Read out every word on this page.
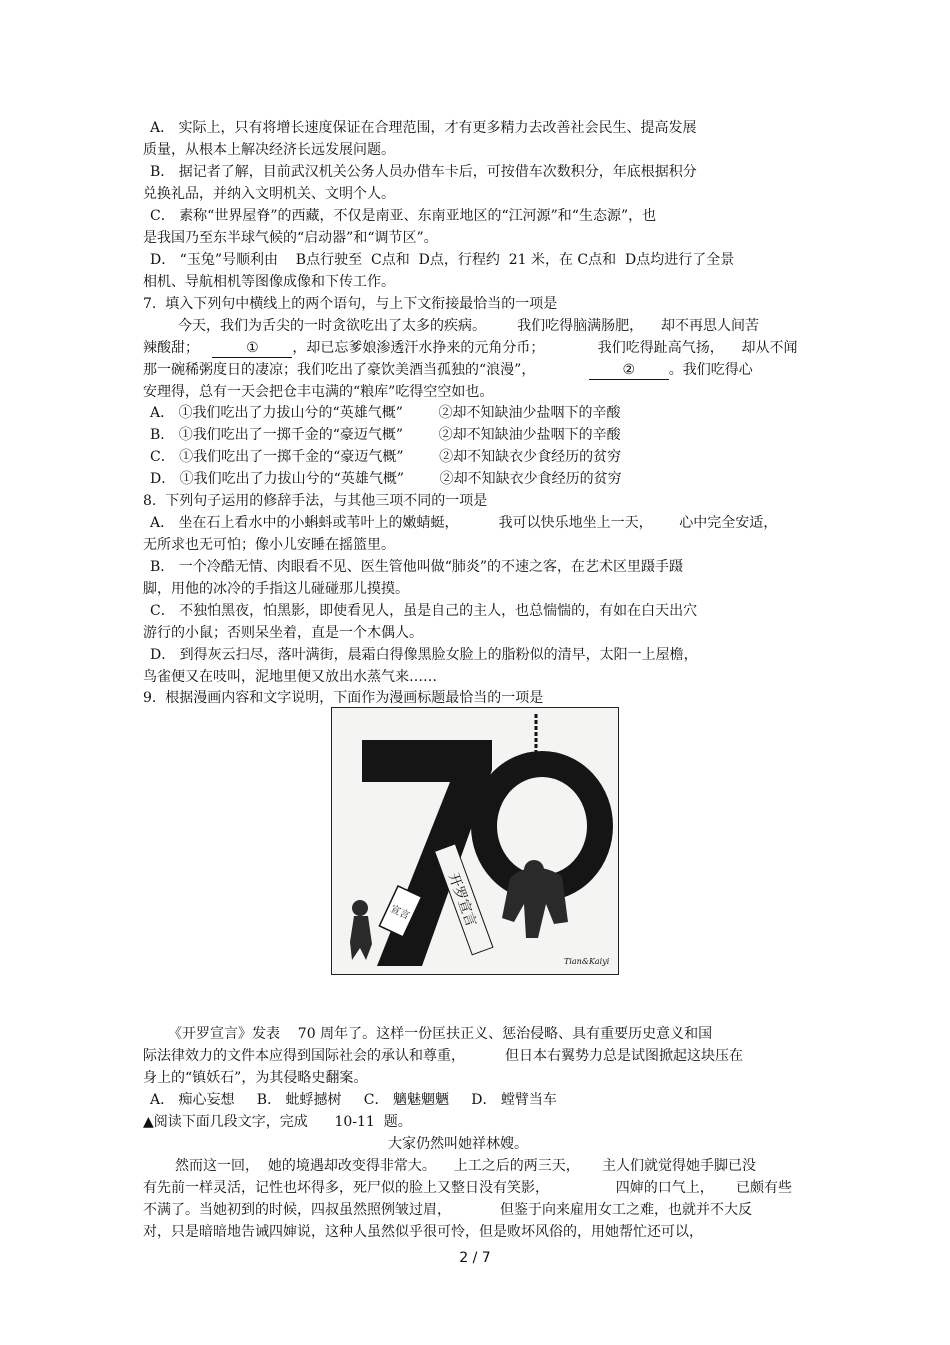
A． 实际上，只有将增长速度保证在合理范围，才有更多精力去改善社会民生、提高发展
质量，从根本上解决经济长远发展问题。
B． 据记者了解，目前武汉机关公务人员办借车卡后，可按借车次数积分，年底根据积分
兑换礼品，并纳入文明机关、文明个人。
C． 素称“世界屋脊”的西藏，不仅是南亚、东南亚地区的“江河源”和“生态源”，也
是我国乃至东半球气候的“启动器”和“调节区”。
D． “玉兔”号顺利由    B点行驶至  C点和  D点，行程约  21 米，在 C点和  D点均进行了全景
相机、导航相机等图像成像和下传工作。
7.  填入下列句中横线上的两个语句，与上下文衔接最恰当的一项是
今天，我们为舌尖的一时贪欲吃出了太多的疾病。       我们吃得脑满肠肥，    却不再思人间苦
辣酸甜；	① ，却已忘爹娘渗透汗水挣来的元角分币；            我们吃得趾高气扬，    却从不闻
那一碗稀粥度日的凄凉；我们吃出了豪饮美酒当孤独的“浪漫”，	② 。我们吃得心
安理得，总有一天会把仓丰屯满的“粮库”吃得空空如也。
A． ①我们吃出了力拔山兮的“英雄气概”        ②却不知缺油少盐咽下的辛酸
B． ①我们吃出了一掷千金的“豪迈气概”        ②却不知缺油少盐咽下的辛酸
C． ①我们吃出了一掷千金的“豪迈气概”        ②却不知缺衣少食经历的贫穷
D． ①我们吃出了力拔山兮的“英雄气概”        ②却不知缺衣少食经历的贫穷
8.  下列句子运用的修辞手法，与其他三项不同的一项是
A． 坐在石上看水中的小蝌蚪或苇叶上的嫩蜻蜓，         我可以快乐地坐上一天，      心中完全安适，
无所求也无可怕；像小儿安睡在摇篮里。
B． 一个冷酷无情、肉眼看不见、医生管他叫做“肺炎”的不速之客，在艺术区里蹑手蹑
脚，用他的冰冷的手指这儿碰碰那儿摸摸。
C． 不独怕黑夜，怕黑影，即使看见人，虽是自己的主人，也总惴惴的，有如在白天出穴
游行的小鼠；否则呆坐着，直是一个木偶人。
D． 到得灰云扫尽，落叶满街，晨霜白得像黑脸女脸上的脂粉似的清早，太阳一上屋檐，
鸟雀便又在吱叫，泥地里便又放出水蒸气来……
9.  根据漫画内容和文字说明，下面作为漫画标题最恰当的一项是
开罗宣言
宣言
Tian&Kaiyi
《开罗宣言》发表    70 周年了。这样一份匡扶正义、惩治侵略、具有重要历史意义和国
际法律效力的文件本应得到国际社会的承认和尊重，         但日本右翼势力总是试图掀起这块压在
身上的“镇妖石”，为其侵略史翻案。
A． 痴心妄想     B． 蚍蜉撼树     C． 魑魅魍魉     D． 螳臂当车
▲阅读下面几段文字，完成      10-11  题。
大家仍然叫她祥林嫂。
然而这一回，  她的境遇却改变得非常大。    上工之后的两三天，     主人们就觉得她手脚已没
有先前一样灵活，记性也坏得多，死尸似的脸上又整日没有笑影，               四婶的口气上，     已颇有些
不满了。当她初到的时候，四叔虽然照例皱过眉，           但鉴于向来雇用女工之难，也就并不大反
对，只是暗暗地告诫四婶说，这种人虽然似乎很可怜，但是败坏风俗的，用她帮忙还可以，
2 / 7
